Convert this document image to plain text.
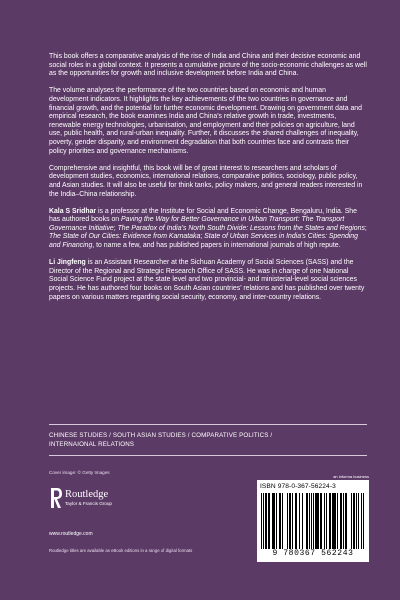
This book offers a comparative analysis of the rise of India and China and their decisive economic and social roles in a global context. It presents a cumulative picture of the socio-economic challenges as well as the opportunities for growth and inclusive development before India and China.

The volume analyses the performance of the two countries based on economic and human development indicators. It highlights the key achievements of the two countries in governance and financial growth, and the potential for further economic development. Drawing on government data and empirical research, the book examines India and China’s relative growth in trade, investments, renewable energy technologies, urbanisation, and employment and their policies on agriculture, land use, public health, and rural-urban inequality. Further, it discusses the shared challenges of inequality, poverty, gender disparity, and environment degradation that both countries face and contrasts their policy priorities and governance mechanisms.

Comprehensive and insightful, this book will be of great interest to researchers and scholars of development studies, economics, international relations, comparative politics, sociology, public policy, and Asian studies. It will also be useful for think tanks, policy makers, and general readers interested in the India–China relationship.

Kala S Sridhar is a professor at the Institute for Social and Economic Change, Bengaluru, India. She has authored books on Paving the Way for Better Governance in Urban Transport: The Transport Governance Initiative; The Paradox of India’s North South Divide: Lessons from the States and Regions; The State of Our Cities: Evidence from Karnataka; State of Urban Services in India’s Cities: Spending and Financing, to name a few, and has published papers in international journals of high repute.

Li Jingfeng is an Assistant Researcher at the Sichuan Academy of Social Sciences (SASS) and the Director of the Regional and Strategic Research Office of SASS. He was in charge of one National Social Science Fund project at the state level and two provincial- and ministerial-level social sciences projects. He has authored four books on South Asian countries’ relations and has published over twenty papers on various matters regarding social security, economy, and inter-country relations.

CHINESE STUDIES / SOUTH ASIAN STUDIES / COMPARATIVE POLITICS /
INTERNAIONAL RELATIONS
Cover image: © Getty Images
Routledge
Taylor & Francis Group
www.routledge.com
Routledge titles are available as eBook editions in a range of digital formats
an informa business
ISBN 978-0-367-56224-3
9 780367 562243
